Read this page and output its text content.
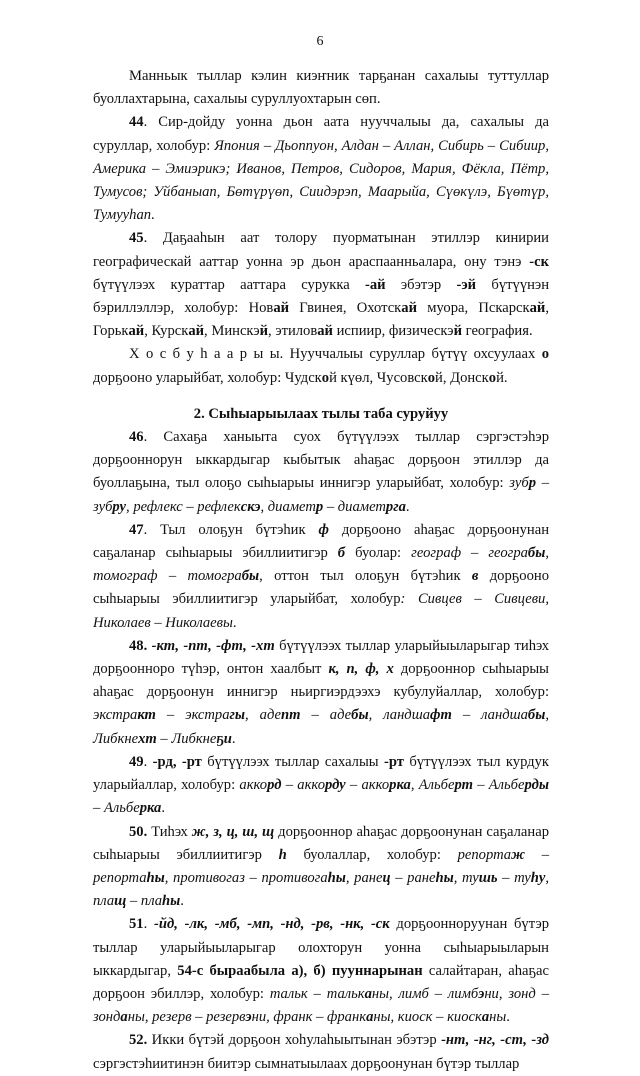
6

Манньык тыллар кэлин киэҥник тарҕанан сахалыы туттуллар буоллахтарына, сахалыы суруллуохтарын сөп.

44. Сир-дойду уонна дьон аата нууччалыы да, сахалыы да суруллар, холобур: Япония – Дьоппуон, Алдан – Аллан, Сибирь – Сибиир, Америка – Эмиэрикэ; Иванов, Петров, Сидоров, Мария, Фёкла, Пётр, Тумусов; Уйбаныап, Бөтүрүөп, Сиидэрэп, Маарыйа, Сүөкүлэ, Бүөтүр, Тумууһап.

45. Даҕааһын аат толору пуорматынан этиллэр кинирии географическай ааттар уонна эр дьон араспаанньалара, ону тэнэ -ск бүтүүлээх кураттар ааттара сурукка -ай эбэтэр -эй бүтүүнэн бэриллэллэр, холобур: Новай Гвинея, Охотскай муора, Пскарскай, Горькай, Курскай, Минскэй, этиловай испиир, физическэй география.

Х о с б у һ а а р ы ы. Нууччалыы суруллар бүтүү охсуулаах о дорҕооно уларыйбат, холобур: Чудской күөл, Чусовской, Донской.

2. Сыһыарыылаах тылы таба суруйуу

46. Сахаҕа ханыыта суох бүтүүлээх тыллар сэргэстэһэр дорҕооннорун ыккардыгар кыбытык аһаҕас дорҕоон этиллэр да буоллаҕына, тыл олоҕо сыһыарыы иннигэр уларыйбат, холобур: зубр – зубру, рефлекс – рефлекскэ, диаметр – диаметрга.

47. Тыл олоҕун бүтэһик ф дорҕооно аһаҕас дорҕоонунан саҕаланар сыһыарыы эбиллиитигэр б буолар: географ – геограбы, томограф – томограбы, оттон тыл олоҕун бүтэһик в дорҕооно сыһыарыы эбиллиитигэр уларыйбат, холобур: Сивцев – Сивцеви, Николаев – Николаевы.

48. -кт, -пт, -фт, -хт бүтүүлээх тыллар уларыйыыларыгар тиһэх дорҕооннорo түһэр, онтон хаалбыт к, п, ф, х дорҕооннор сыһыарыы аһаҕас дорҕоонун иннигэр ньиргиэрдээхэ кубулуйаллар, холобур: экстракт – экстрагы, адепт – адебы, ландшафт – ландшабы, Либкнехт – Либкнеҕи.

49. -рд, -рт бүтүүлээх тыллар сахалыы -рт бүтүүлээх тыл курдук уларыйаллар, холобур: аккорд – аккорду – аккорка, Альберт – Альберды – Альберка.

50. Тиһэх ж, з, ц, ш, щ дорҕооннор аһаҕас дорҕоонунан саҕаланар сыһыарыы эбиллиитигэр һ буолаллар, холобур: репортаж – репортаһы, противогаз – противогаһы, ранец – ранеһы, тушь – туһу, плащ – плаһы.

51. -йд, -лк, -мб, -мп, -нд, -рв, -нк, -ск дорҕоонноруунан бүтэр тыллар уларыйыыларыгар олохторун уонна сыһыарыыларын ыккардыгар, 54-с быраабыла а), б) пууннарынан салайтаран, аһаҕас дорҕоон эбиллэр, холобур: тальк – тальканы, лимб – лимбэни, зонд – зонданы, резерв – резервэни, франк – франканы, киоск – киосканы.

52. Икки бүтэй дорҕоон хоһулаһыытынан эбэтэр -нт, -нг, -ст, -зд сэргэстэһиитинэн биитэр сымнатыылаах дорҕоонунан бүтэр тыллар
